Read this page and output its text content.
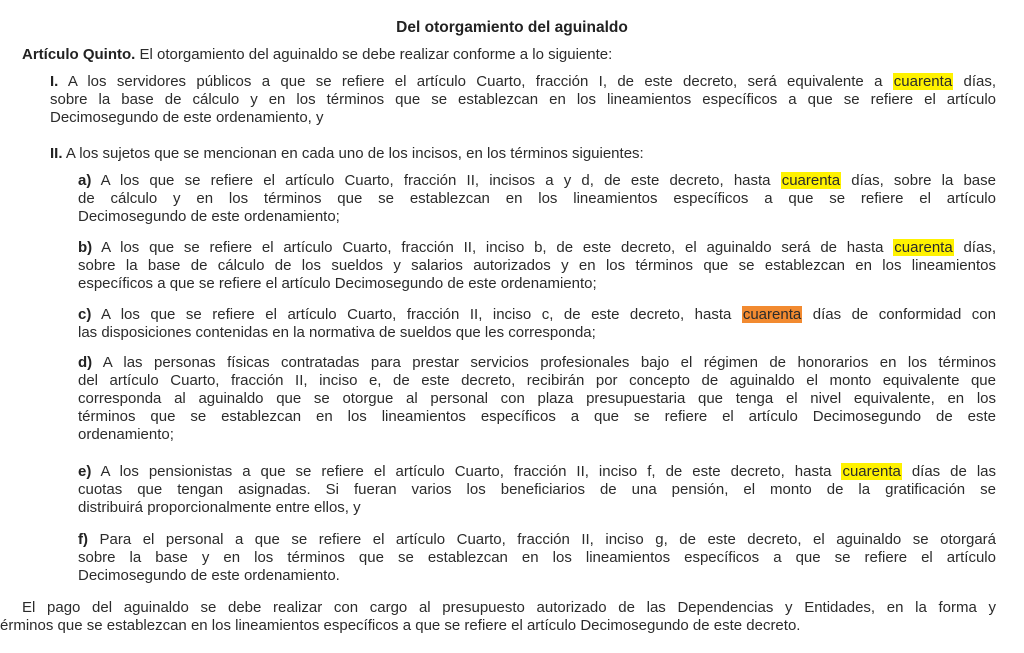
Del otorgamiento del aguinaldo
Artículo Quinto. El otorgamiento del aguinaldo se debe realizar conforme a lo siguiente:
I. A los servidores públicos a que se refiere el artículo Cuarto, fracción I, de este decreto, será equivalente a cuarenta días,
sobre la base de cálculo y en los términos que se establezcan en los lineamientos específicos a que se refiere el artículo
Decimosegundo de este ordenamiento, y
II. A los sujetos que se mencionan en cada uno de los incisos, en los términos siguientes:
a) A los que se refiere el artículo Cuarto, fracción II, incisos a y d, de este decreto, hasta cuarenta días, sobre la base
de cálculo y en los términos que se establezcan en los lineamientos específicos a que se refiere el artículo
Decimosegundo de este ordenamiento;
b) A los que se refiere el artículo Cuarto, fracción II, inciso b, de este decreto, el aguinaldo será de hasta cuarenta días,
sobre la base de cálculo de los sueldos y salarios autorizados y en los términos que se establezcan en los lineamientos
específicos a que se refiere el artículo Decimosegundo de este ordenamiento;
c) A los que se refiere el artículo Cuarto, fracción II, inciso c, de este decreto, hasta cuarenta días de conformidad con
las disposiciones contenidas en la normativa de sueldos que les corresponda;
d) A las personas físicas contratadas para prestar servicios profesionales bajo el régimen de honorarios en los términos
del artículo Cuarto, fracción II, inciso e, de este decreto, recibirán por concepto de aguinaldo el monto equivalente que
corresponda al aguinaldo que se otorgue al personal con plaza presupuestaria que tenga el nivel equivalente, en los
términos que se establezcan en los lineamientos específicos a que se refiere el artículo Decimosegundo de este
ordenamiento;
e) A los pensionistas a que se refiere el artículo Cuarto, fracción II, inciso f, de este decreto, hasta cuarenta días de las
cuotas que tengan asignadas. Si fueran varios los beneficiarios de una pensión, el monto de la gratificación se
distribuirá proporcionalmente entre ellos, y
f) Para el personal a que se refiere el artículo Cuarto, fracción II, inciso g, de este decreto, el aguinaldo se otorgará
sobre la base y en los términos que se establezcan en los lineamientos específicos a que se refiere el artículo
Decimosegundo de este ordenamiento.
El pago del aguinaldo se debe realizar con cargo al presupuesto autorizado de las Dependencias y Entidades, en la forma y
érminos que se establezcan en los lineamientos específicos a que se refiere el artículo Decimosegundo de este decreto.
